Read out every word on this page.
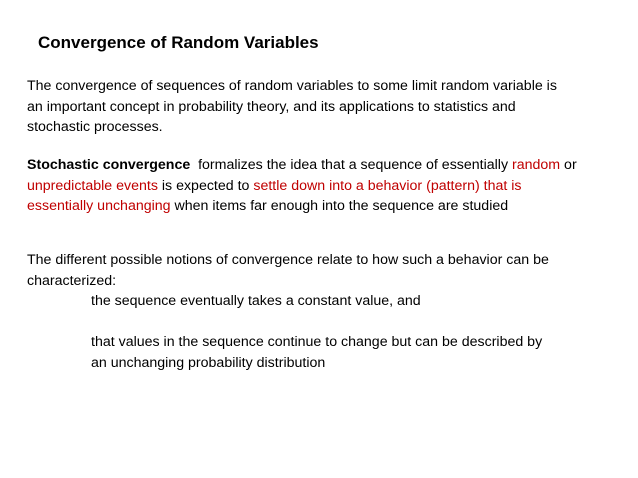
Convergence of Random Variables
The convergence of sequences of random variables to some limit random variable is
an important concept in probability theory, and its applications to statistics and
stochastic processes.
Stochastic convergence  formalizes the idea that a sequence of essentially random or
unpredictable events is expected to settle down into a behavior (pattern) that is
essentially unchanging when items far enough into the sequence are studied
The different possible notions of convergence relate to how such a behavior can be
characterized:
the sequence eventually takes a constant value, and
that values in the sequence continue to change but can be described by
an unchanging probability distribution
